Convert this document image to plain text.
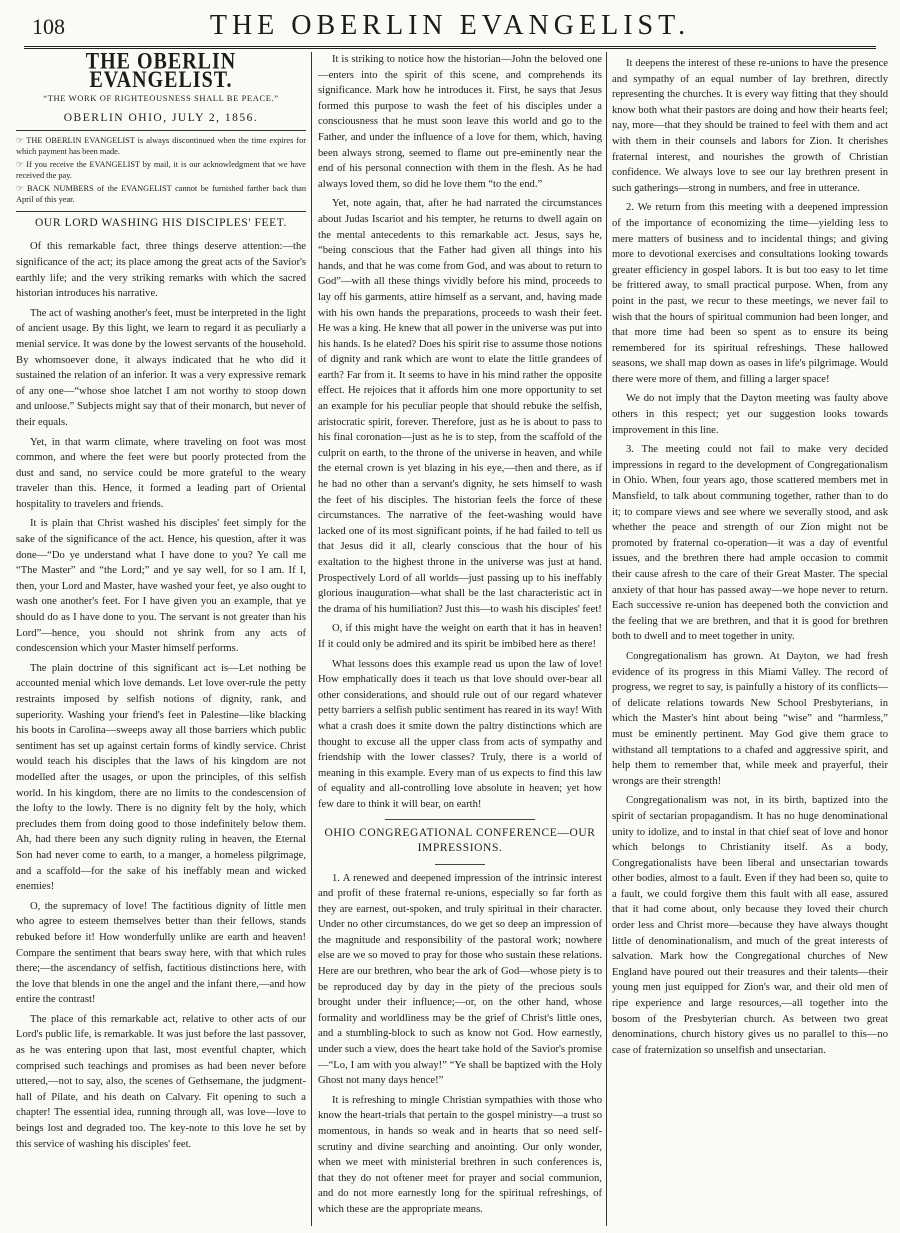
108	THE OBERLIN EVANGELIST.
THE OBERLIN EVANGELIST.
“THE WORK OF RIGHTEOUSNESS SHALL BE PEACE.”
OBERLIN OHIO, JULY 2, 1856.

☞ THE OBERLIN EVANGELIST is always discontinued when the time expires for which payment has been made.

☞ If you receive the EVANGELIST by mail, it is our acknowledgment that we have received the pay.

☞ BACK NUMBERS of the EVANGELIST cannot be furnished farther back than April of this year.

OUR LORD WASHING HIS DISCIPLES' FEET.

Of this remarkable fact, three things deserve attention:—the significance of the act; its place among the great acts of the Savior's earthly life; and the very striking remarks with which the sacred historian introduces his narrative.

The act of washing another's feet, must be interpreted in the light of ancient usage. By this light, we learn to regard it as peculiarly a menial service. It was done by the lowest servants of the household. By whomsoever done, it always indicated that he who did it sustained the relation of an inferior. It was a very expressive remark of any one—“whose shoe latchet I am not worthy to stoop down and unloose.” Subjects might say that of their monarch, but never of their equals.

Yet, in that warm climate, where traveling on foot was most common, and where the feet were but poorly protected from the dust and sand, no service could be more grateful to the weary traveler than this. Hence, it formed a leading part of Oriental hospitality to travelers and friends.

It is plain that Christ washed his disciples' feet simply for the sake of the significance of the act. Hence, his question, after it was done—“Do ye understand what I have done to you? Ye call me “The Master” and “the Lord;” and ye say well, for so I am. If I, then, your Lord and Master, have washed your feet, ye also ought to wash one another's feet. For I have given you an example, that ye should do as I have done to you. The servant is not greater than his Lord”—hence, you should not shrink from any acts of condescension which your Master himself performs.

The plain doctrine of this significant act is—Let nothing be accounted menial which love demands. Let love over-rule the petty restraints imposed by selfish notions of dignity, rank, and superiority. Washing your friend's feet in Palestine—like blacking his boots in Carolina—sweeps away all those barriers which public sentiment has set up against certain forms of kindly service. Christ would teach his disciples that the laws of his kingdom are not modelled after the usages, or upon the principles, of this selfish world. In his kingdom, there are no limits to the condescension of the lofty to the lowly. There is no dignity felt by the holy, which precludes them from doing good to those indefinitely below them. Ah, had there been any such dignity ruling in heaven, the Eternal Son had never come to earth, to a manger, a homeless pilgrimage, and a scaffold—for the sake of his ineffably mean and wicked enemies!

O, the supremacy of love! The factitious dignity of little men who agree to esteem themselves better than their fellows, stands rebuked before it! How wonderfully unlike are earth and heaven! Compare the sentiment that bears sway here, with that which rules there;—the ascendancy of selfish, factitious distinctions here, with the love that blends in one the angel and the infant there,—and how entire the contrast!

The place of this remarkable act, relative to other acts of our Lord's public life, is remarkable. It was just before the last passover, as he was entering upon that last, most eventful chapter, which comprised such teachings and promises as had been never before uttered,—not to say, also, the scenes of Gethsemane, the judgment-hall of Pilate, and his death on Calvary. Fit opening to such a chapter! The essential idea, running through all, was love—love to beings lost and degraded too. The key-note to this love he set by this service of washing his disciples' feet.

It is striking to notice how the historian—John the beloved one—enters into the spirit of this scene, and comprehends its significance. Mark how he introduces it. First, he says that Jesus formed this purpose to wash the feet of his disciples under a consciousness that he must soon leave this world and go to the Father, and under the influence of a love for them, which, having been always strong, seemed to flame out pre-eminently near the end of his personal connection with them in the flesh. As he had always loved them, so did he love them “to the end.”

Yet, note again, that, after he had narrated the circumstances about Judas Iscariot and his tempter, he returns to dwell again on the mental antecedents to this remarkable act. Jesus, says he, “being conscious that the Father had given all things into his hands, and that he was come from God, and was about to return to God”—with all these things vividly before his mind, proceeds to lay off his garments, attire himself as a servant, and, having made with his own hands the preparations, proceeds to wash their feet. He was a king. He knew that all power in the universe was put into his hands. Is he elated? Does his spirit rise to assume those notions of dignity and rank which are wont to elate the little grandees of earth? Far from it. It seems to have in his mind rather the opposite effect. He rejoices that it affords him one more opportunity to set an example for his peculiar people that should rebuke the selfish, aristocratic spirit, forever. Therefore, just as he is about to pass to his final coronation—just as he is to step, from the scaffold of the culprit on earth, to the throne of the universe in heaven, and while the eternal crown is yet blazing in his eye,—then and there, as if he had no other than a servant's dignity, he sets himself to wash the feet of his disciples. The historian feels the force of these circumstances. The narrative of the feet-washing would have lacked one of its most significant points, if he had failed to tell us that Jesus did it all, clearly conscious that the hour of his exaltation to the highest throne in the universe was just at hand. Prospectively Lord of all worlds—just passing up to his ineffably glorious inauguration—what shall be the last characteristic act in the drama of his humiliation? Just this—to wash his disciples' feet!

O, if this might have the weight on earth that it has in heaven! If it could only be admired and its spirit be imbibed here as there!

What lessons does this example read us upon the law of love! How emphatically does it teach us that love should over-bear all other considerations, and should rule out of our regard whatever petty barriers a selfish public sentiment has reared in its way! With what a crash does it smite down the paltry distinctions which are thought to excuse all the upper class from acts of sympathy and friendship with the lower classes? Truly, there is a world of meaning in this example. Every man of us expects to find this law of equality and all-controlling love absolute in heaven; yet how few dare to think it will bear, on earth!

OHIO CONGREGATIONAL CONFERENCE—OUR IMPRESSIONS.

1. A renewed and deepened impression of the intrinsic interest and profit of these fraternal re-unions, especially so far forth as they are earnest, out-spoken, and truly spiritual in their character. Under no other circumstances, do we get so deep an impression of the magnitude and responsibility of the pastoral work; nowhere else are we so moved to pray for those who sustain these relations. Here are our brethren, who bear the ark of God—whose piety is to be reproduced day by day in the piety of the precious souls brought under their influence;—or, on the other hand, whose formality and worldliness may be the grief of Christ's little ones, and a stumbling-block to such as know not God. How earnestly, under such a view, does the heart take hold of the Savior's promise—“Lo, I am with you alway!” “Ye shall be baptized with the Holy Ghost not many days hence!”

It is refreshing to mingle Christian sympathies with those who know the heart-trials that pertain to the gospel ministry—a trust so momentous, in hands so weak and in hearts that so need self-scrutiny and divine searching and anointing. Our only wonder, when we meet with ministerial brethren in such conferences is, that they do not oftener meet for prayer and social communion, and do not more earnestly long for the spiritual refreshings, of which these are the appropriate means.

It deepens the interest of these re-unions to have the presence and sympathy of an equal number of lay brethren, directly representing the churches. It is every way fitting that they should know both what their pastors are doing and how their hearts feel; nay, more—that they should be trained to feel with them and act with them in their counsels and labors for Zion. It cherishes fraternal interest, and nourishes the growth of Christian confidence. We always love to see our lay brethren present in such gatherings—strong in numbers, and free in utterance.

2. We return from this meeting with a deepened impression of the importance of economizing the time—yielding less to mere matters of business and to incidental things; and giving more to devotional exercises and consultations looking towards greater efficiency in gospel labors. It is but too easy to let time be frittered away, to small practical purpose. When, from any point in the past, we recur to these meetings, we never fail to wish that the hours of spiritual communion had been longer, and that more time had been so spent as to ensure its being remembered for its spiritual refreshings. These hallowed seasons, we shall map down as oases in life's pilgrimage. Would there were more of them, and filling a larger space!

We do not imply that the Dayton meeting was faulty above others in this respect; yet our suggestion looks towards improvement in this line.

3. The meeting could not fail to make very decided impressions in regard to the development of Congregationalism in Ohio. When, four years ago, those scattered members met in Mansfield, to talk about communing together, rather than to do it; to compare views and see where we severally stood, and ask whether the peace and strength of our Zion might not be promoted by fraternal co-operation—it was a day of eventful issues, and the brethren there had ample occasion to commit their cause afresh to the care of their Great Master. The special anxiety of that hour has passed away—we hope never to return. Each successive re-union has deepened both the conviction and the feeling that we are brethren, and that it is good for brethren both to dwell and to meet together in unity.

Congregationalism has grown. At Dayton, we had fresh evidence of its progress in this Miami Valley. The record of progress, we regret to say, is painfully a history of its conflicts—of delicate relations towards New School Presbyterians, in which the Master's hint about being “wise” and “harmless,” must be eminently pertinent. May God give them grace to withstand all temptations to a chafed and aggressive spirit, and help them to remember that, while meek and prayerful, their wrongs are their strength!

Congregationalism was not, in its birth, baptized into the spirit of sectarian propagandism. It has no huge denominational unity to idolize, and to instal in that chief seat of love and honor which belongs to Christianity itself. As a body, Congregationalists have been liberal and unsectarian towards other bodies, almost to a fault. Even if they had been so, quite to a fault, we could forgive them this fault with all ease, assured that it had come about, only because they loved their church order less and Christ more—because they have always thought little of denominationalism, and much of the great interests of salvation. Mark how the Congregational churches of New England have poured out their treasures and their talents—their young men just equipped for Zion's war, and their old men of ripe experience and large resources,—all together into the bosom of the Presbyterian church. As between two great denominations, church history gives us no parallel to this—no case of fraternization so unselfish and unsectarian.
